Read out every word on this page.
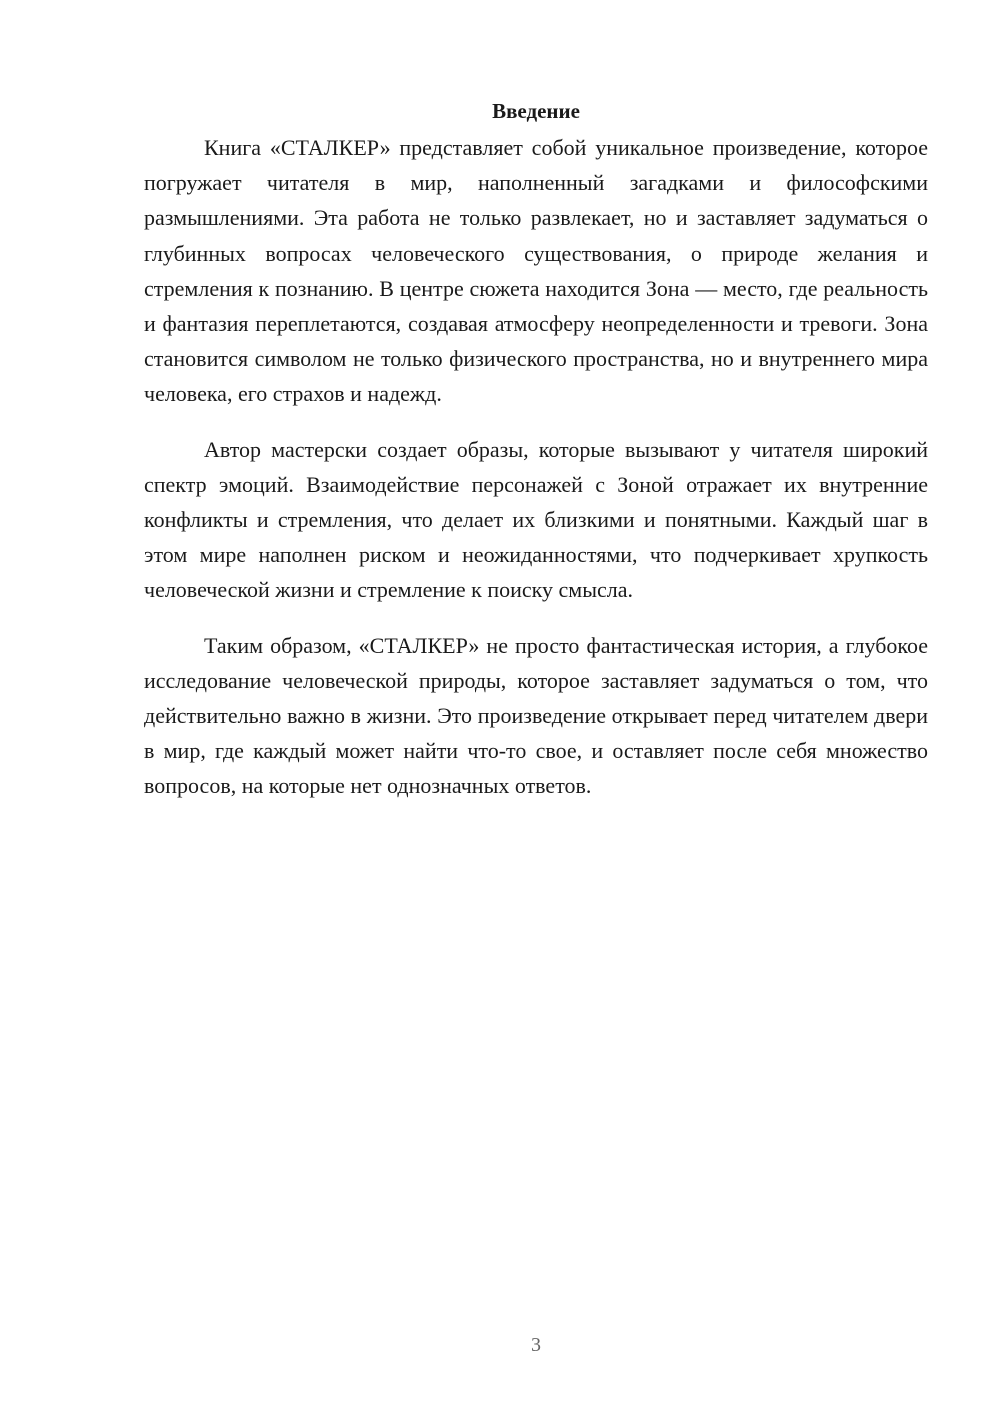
Введение

Книга «СТАЛКЕР» представляет собой уникальное произведение, которое погружает читателя в мир, наполненный загадками и философскими размышлениями. Эта работа не только развлекает, но и заставляет задуматься о глубинных вопросах человеческого существования, о природе желания и стремления к познанию. В центре сюжета находится Зона — место, где реальность и фантазия переплетаются, создавая атмосферу неопределенности и тревоги. Зона становится символом не только физического пространства, но и внутреннего мира человека, его страхов и надежд.

Автор мастерски создает образы, которые вызывают у читателя широкий спектр эмоций. Взаимодействие персонажей с Зоной отражает их внутренние конфликты и стремления, что делает их близкими и понятными. Каждый шаг в этом мире наполнен риском и неожиданностями, что подчеркивает хрупкость человеческой жизни и стремление к поиску смысла.

Таким образом, «СТАЛКЕР» не просто фантастическая история, а глубокое исследование человеческой природы, которое заставляет задуматься о том, что действительно важно в жизни. Это произведение открывает перед читателем двери в мир, где каждый может найти что-то свое, и оставляет после себя множество вопросов, на которые нет однозначных ответов.

3
